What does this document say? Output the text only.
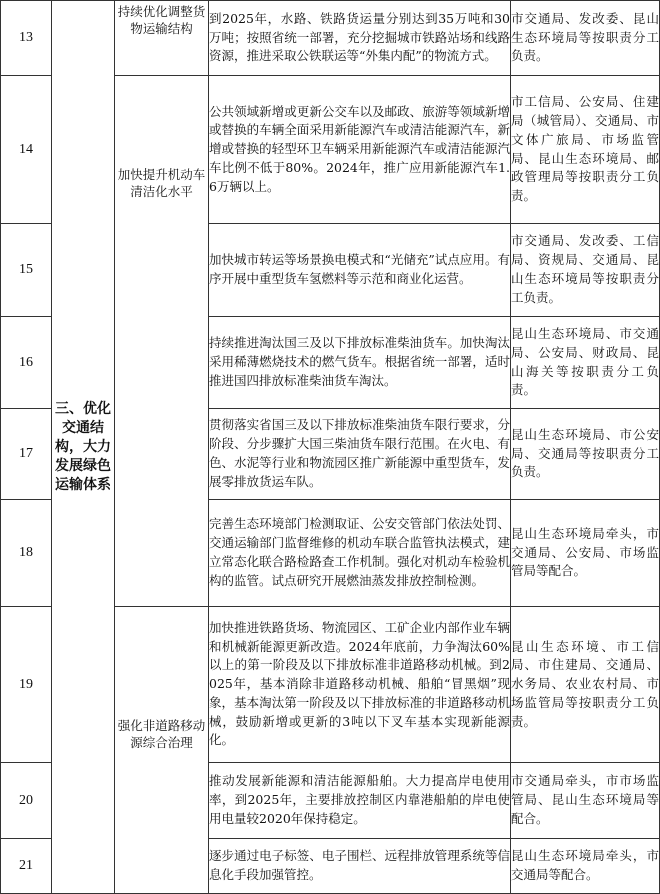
13	三、优化交通结构，大力发展绿色运输体系	持续优化调整货物运输结构	到2025年，水路、铁路货运量分别达到35万吨和30万吨；按照省统一部署，充分挖掘城市铁路站场和线路资源，推进采取公铁联运等“外集内配”的物流方式。	市交通局、发改委、昆山生态环境局等按职责分工负责。
14		加快提升机动车清洁化水平	公共领域新增或更新公交车以及邮政、旅游等领域新增或替换的车辆全面采用新能源汽车或清洁能源汽车，新增或替换的轻型环卫车辆采用新能源汽车或清洁能源汽车比例不低于80%。2024年，推广应用新能源汽车1.6万辆以上。	市工信局、公安局、住建局（城管局）、交通局、市文体广旅局、市场监管局、昆山生态环境局、邮政管理局等按职责分工负责。
15			加快城市转运等场景换电模式和“光储充”试点应用。有序开展中重型货车氢燃料等示范和商业化运营。	市交通局、发改委、工信局、资规局、交通局、昆山生态环境局等按职责分工负责。
16			持续推进淘汰国三及以下排放标准柴油货车。加快淘汰采用稀薄燃烧技术的燃气货车。根据省统一部署，适时推进国四排放标准柴油货车淘汰。	昆山生态环境局、市交通局、公安局、财政局、昆山海关等按职责分工负责。
17			贯彻落实省国三及以下排放标准柴油货车限行要求，分阶段、分步骤扩大国三柴油货车限行范围。在火电、有色、水泥等行业和物流园区推广新能源中重型货车，发展零排放货运车队。	昆山生态环境局、市公安局、交通局等按职责分工负责。
18			完善生态环境部门检测取证、公安交管部门依法处罚、交通运输部门监督维修的机动车联合监管执法模式，建立常态化联合路检路查工作机制。强化对机动车检验机构的监管。试点研究开展燃油蒸发排放控制检测。	昆山生态环境局牵头，市交通局、公安局、市场监管局等配合。
19		强化非道路移动源综合治理	加快推进铁路货场、物流园区、工矿企业内部作业车辆和机械新能源更新改造。2024年底前，力争淘汰60%以上的第一阶段及以下排放标准非道路移动机械。到2025年，基本消除非道路移动机械、船舶“冒黑烟”现象，基本淘汰第一阶段及以下排放标准的非道路移动机械，鼓励新增或更新的3吨以下叉车基本实现新能源化。	昆山生态环境、市工信局、市住建局、交通局、水务局、农业农村局、市场监管局等按职责分工负责。
20			推动发展新能源和清洁能源船舶。大力提高岸电使用率，到2025年，主要排放控制区内靠港船舶的岸电使用电量较2020年保持稳定。	市交通局牵头，市市场监管局、昆山生态环境局等配合。
21			逐步通过电子标签、电子围栏、远程排放管理系统等信息化手段加强管控。	昆山生态环境局牵头，市交通局等配合。
